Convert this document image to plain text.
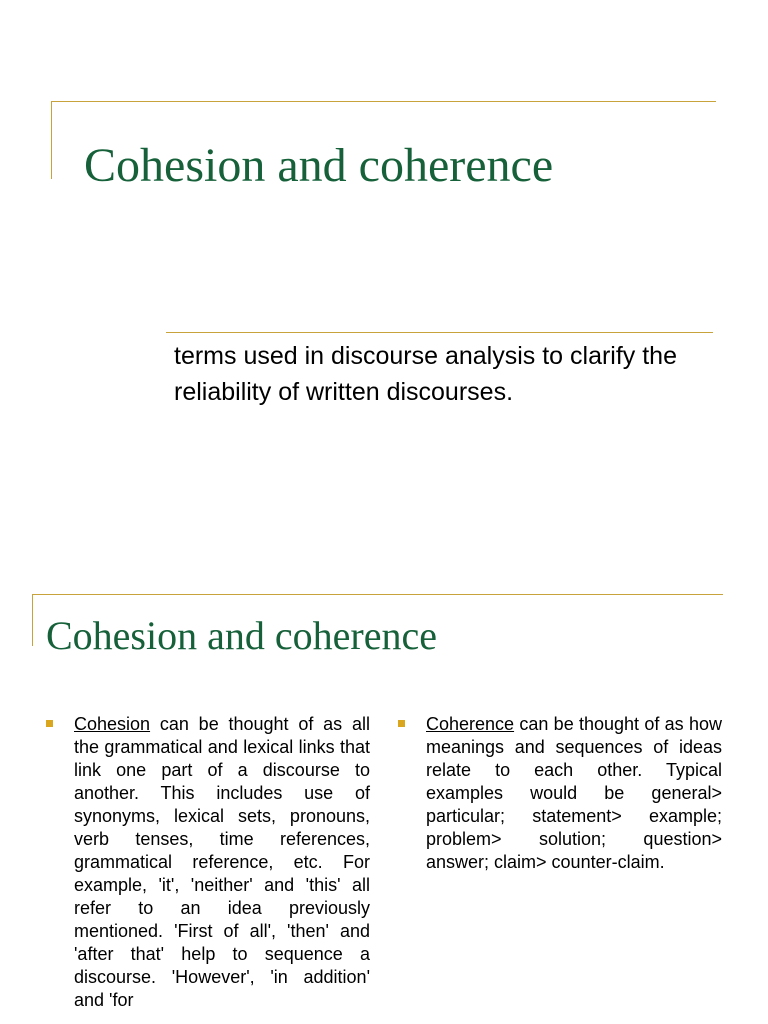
Cohesion and coherence

terms used in discourse analysis to clarify the reliability of written discourses.

Cohesion and coherence

Cohesion can be thought of as all the grammatical and lexical links that link one part of a discourse to another. This includes use of synonyms, lexical sets, pronouns, verb tenses, time references, grammatical reference, etc. For example, 'it', 'neither' and 'this' all refer to an idea previously mentioned. 'First of all', 'then' and 'after that' help to sequence a discourse. 'However', 'in addition' and 'for

Coherence can be thought of as how meanings and sequences of ideas relate to each other. Typical examples would be general> particular; statement> example; problem> solution; question> answer; claim> counter-claim.
